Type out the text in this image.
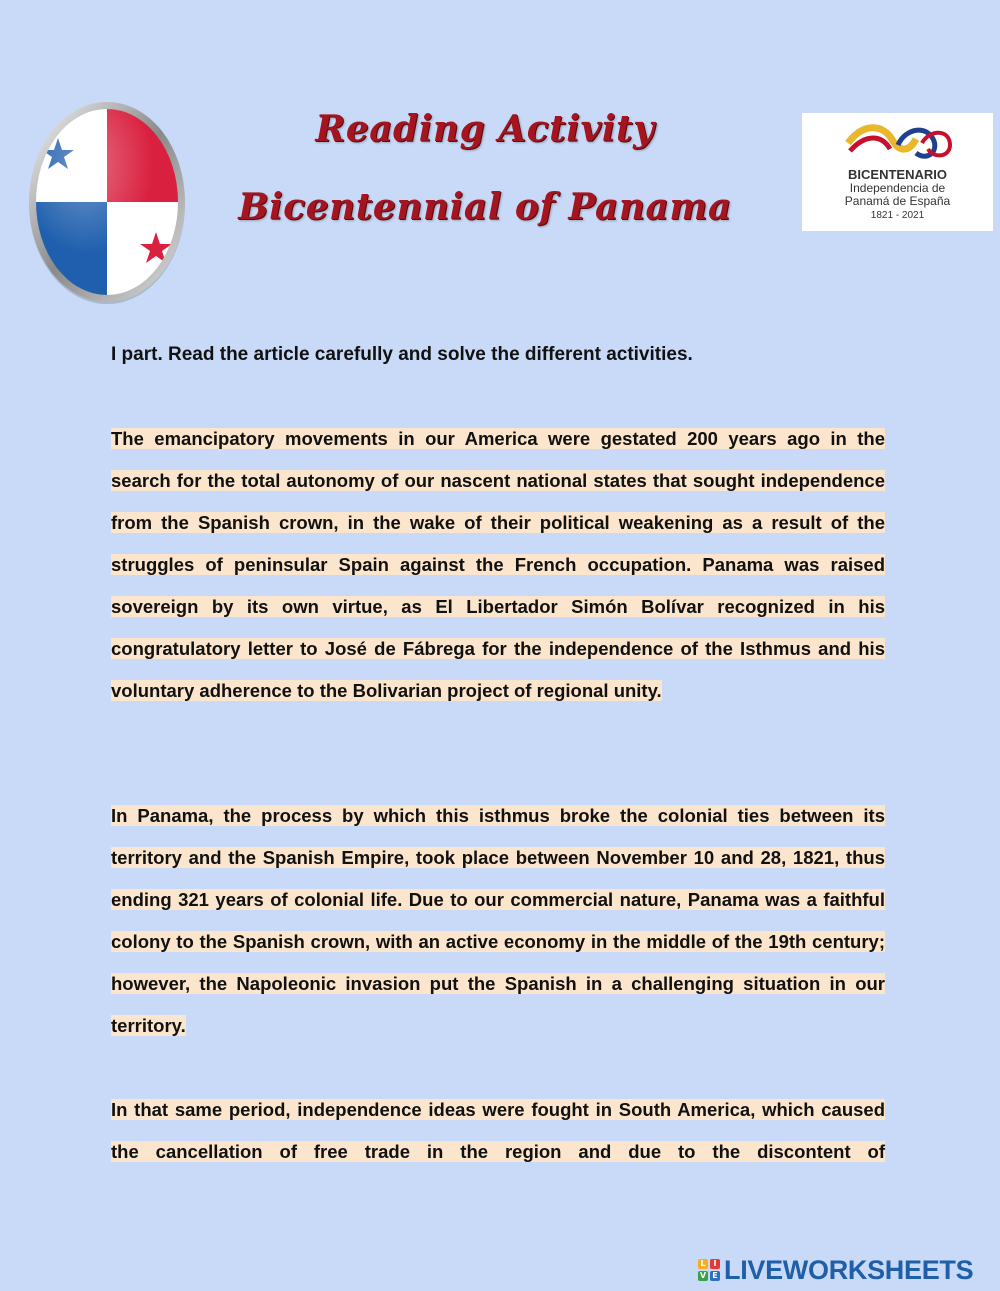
Reading Activity
Bicentennial of Panama
BICENTENARIO
Independencia de
Panamá de España
1821 - 2021
I part. Read the article carefully and solve the different activities.
The emancipatory movements in our America were gestated 200 years ago in the search for the total autonomy of our nascent national states that sought independence from the Spanish crown, in the wake of their political weakening as a result of the struggles of peninsular Spain against the French occupation. Panama was raised sovereign by its own virtue, as El Libertador Simón Bolívar recognized in his congratulatory letter to José de Fábrega for the independence of the Isthmus and his voluntary adherence to the Bolivarian project of regional unity.
In Panama, the process by which this isthmus broke the colonial ties between its territory and the Spanish Empire, took place between November 10 and 28, 1821, thus ending 321 years of colonial life. Due to our commercial nature, Panama was a faithful colony to the Spanish crown, with an active economy in the middle of the 19th century; however, the Napoleonic invasion put the Spanish in a challenging situation in our territory.
In that same period, independence ideas were fought in South America, which caused the cancellation of free trade in the region and due to the discontent of
L I
V E LIVEWORKSHEETS
